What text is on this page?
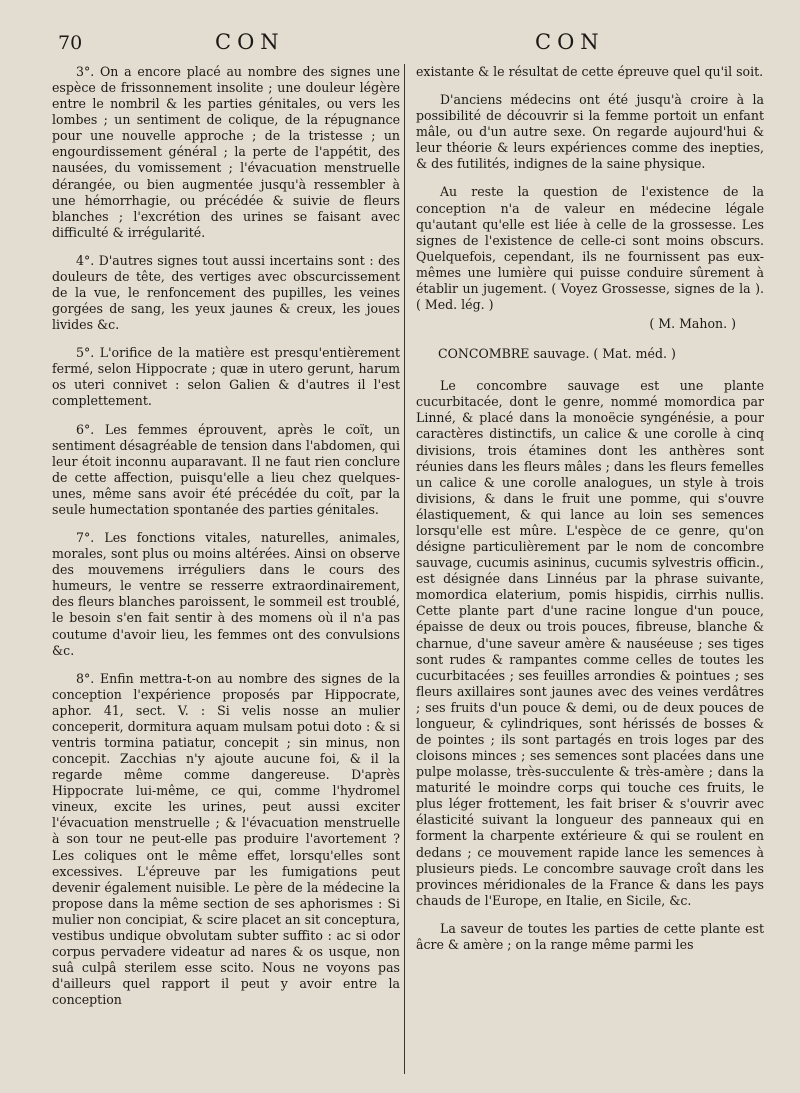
70	CON	CON

3°. On a encore placé au nombre des signes une espèce de frissonnement insolite ; une douleur légère entre le nombril & les parties génitales, ou vers les lombes ; un sentiment de colique, de la répugnance pour une nouvelle approche ; de la tristesse ; un engourdissement général ; la perte de l'appétit, des nausées, du vomissement ; l'évacuation menstruelle dérangée, ou bien augmentée jusqu'à ressembler à une hémorrhagie, ou précédée & suivie de fleurs blanches ; l'excrétion des urines se faisant avec difficulté & irrégularité.

4°. D'autres signes tout aussi incertains sont : des douleurs de tête, des vertiges avec obscurcissement de la vue, le renfoncement des pupilles, les veines gorgées de sang, les yeux jaunes & creux, les joues livides &c.

5°. L'orifice de la matière est presqu'entièrement fermé, selon Hippocrate ; quæ in utero gerunt, harum os uteri connivet : selon Galien & d'autres il l'est complettement.

6°. Les femmes éprouvent, après le coït, un sentiment désagréable de tension dans l'abdomen, qui leur étoit inconnu auparavant. Il ne faut rien conclure de cette affection, puisqu'elle a lieu chez quelques-unes, même sans avoir été précédée du coït, par la seule humectation spontanée des parties génitales.

7°. Les fonctions vitales, naturelles, animales, morales, sont plus ou moins altérées. Ainsi on observe des mouvemens irréguliers dans le cours des humeurs, le ventre se resserre extraordinairement, des fleurs blanches paroissent, le sommeil est troublé, le besoin s'en fait sentir à des momens où il n'a pas coutume d'avoir lieu, les femmes ont des convulsions &c.

8°. Enfin mettra-t-on au nombre des signes de la conception l'expérience proposés par Hippocrate, aphor. 41, sect. V. : Si velis nosse an mulier conceperit, dormitura aquam mulsam potui doto : & si ventris tormina patiatur, concepit ; sin minus, non concepit. Zacchias n'y ajoute aucune foi, & il la regarde même comme dangereuse. D'après Hippocrate lui-même, ce qui, comme l'hydromel vineux, excite les urines, peut aussi exciter l'évacuation menstruelle ; & l'évacuation menstruelle à son tour ne peut-elle pas produire l'avortement ? Les coliques ont le même effet, lorsqu'elles sont excessives. L'épreuve par les fumigations peut devenir également nuisible. Le père de la médecine la propose dans la même section de ses aphorismes : Si mulier non concipiat, & scire placet an sit conceptura, vestibus undique obvolutam subter suffito : ac si odor corpus pervadere videatur ad nares & os usque, non suâ culpâ sterilem esse scito. Nous ne voyons pas d'ailleurs quel rapport il peut y avoir entre la conception

existante & le résultat de cette épreuve quel qu'il soit.

D'anciens médecins ont été jusqu'à croire à la possibilité de découvrir si la femme portoit un enfant mâle, ou d'un autre sexe. On regarde aujourd'hui & leur théorie & leurs expériences comme des inepties, & des futilités, indignes de la saine physique.

Au reste la question de l'existence de la conception n'a de valeur en médecine légale qu'autant qu'elle est liée à celle de la grossesse. Les signes de l'existence de celle-ci sont moins obscurs. Quelquefois, cependant, ils ne fournissent pas eux-mêmes une lumière qui puisse conduire sûrement à établir un jugement. ( Voyez Grossesse, signes de la ). ( Med. lég. )

( M. Mahon. )
CONCOMBRE sauvage. ( Mat. méd. )

Le concombre sauvage est une plante cucurbitacée, dont le genre, nommé momordica par Linné, & placé dans la monoëcie syngénésie, a pour caractères distinctifs, un calice & une corolle à cinq divisions, trois étamines dont les anthères sont réunies dans les fleurs mâles ; dans les fleurs femelles un calice & une corolle analogues, un style à trois divisions, & dans le fruit une pomme, qui s'ouvre élastiquement, & qui lance au loin ses semences lorsqu'elle est mûre. L'espèce de ce genre, qu'on désigne particulièrement par le nom de concombre sauvage, cucumis asininus, cucumis sylvestris officin., est désignée dans Linnéus par la phrase suivante, momordica elaterium, pomis hispidis, cirrhis nullis. Cette plante part d'une racine longue d'un pouce, épaisse de deux ou trois pouces, fibreuse, blanche & charnue, d'une saveur amère & nauséeuse ; ses tiges sont rudes & rampantes comme celles de toutes les cucurbitacées ; ses feuilles arrondies & pointues ; ses fleurs axillaires sont jaunes avec des veines verdâtres ; ses fruits d'un pouce & demi, ou de deux pouces de longueur, & cylindriques, sont hérissés de bosses & de pointes ; ils sont partagés en trois loges par des cloisons minces ; ses semences sont placées dans une pulpe molasse, très-succulente & très-amère ; dans la maturité le moindre corps qui touche ces fruits, le plus léger frottement, les fait briser & s'ouvrir avec élasticité suivant la longueur des panneaux qui en forment la charpente extérieure & qui se roulent en dedans ; ce mouvement rapide lance les semences à plusieurs pieds. Le concombre sauvage croît dans les provinces méridionales de la France & dans les pays chauds de l'Europe, en Italie, en Sicile, &c.

La saveur de toutes les parties de cette plante est âcre & amère ; on la range même parmi les
